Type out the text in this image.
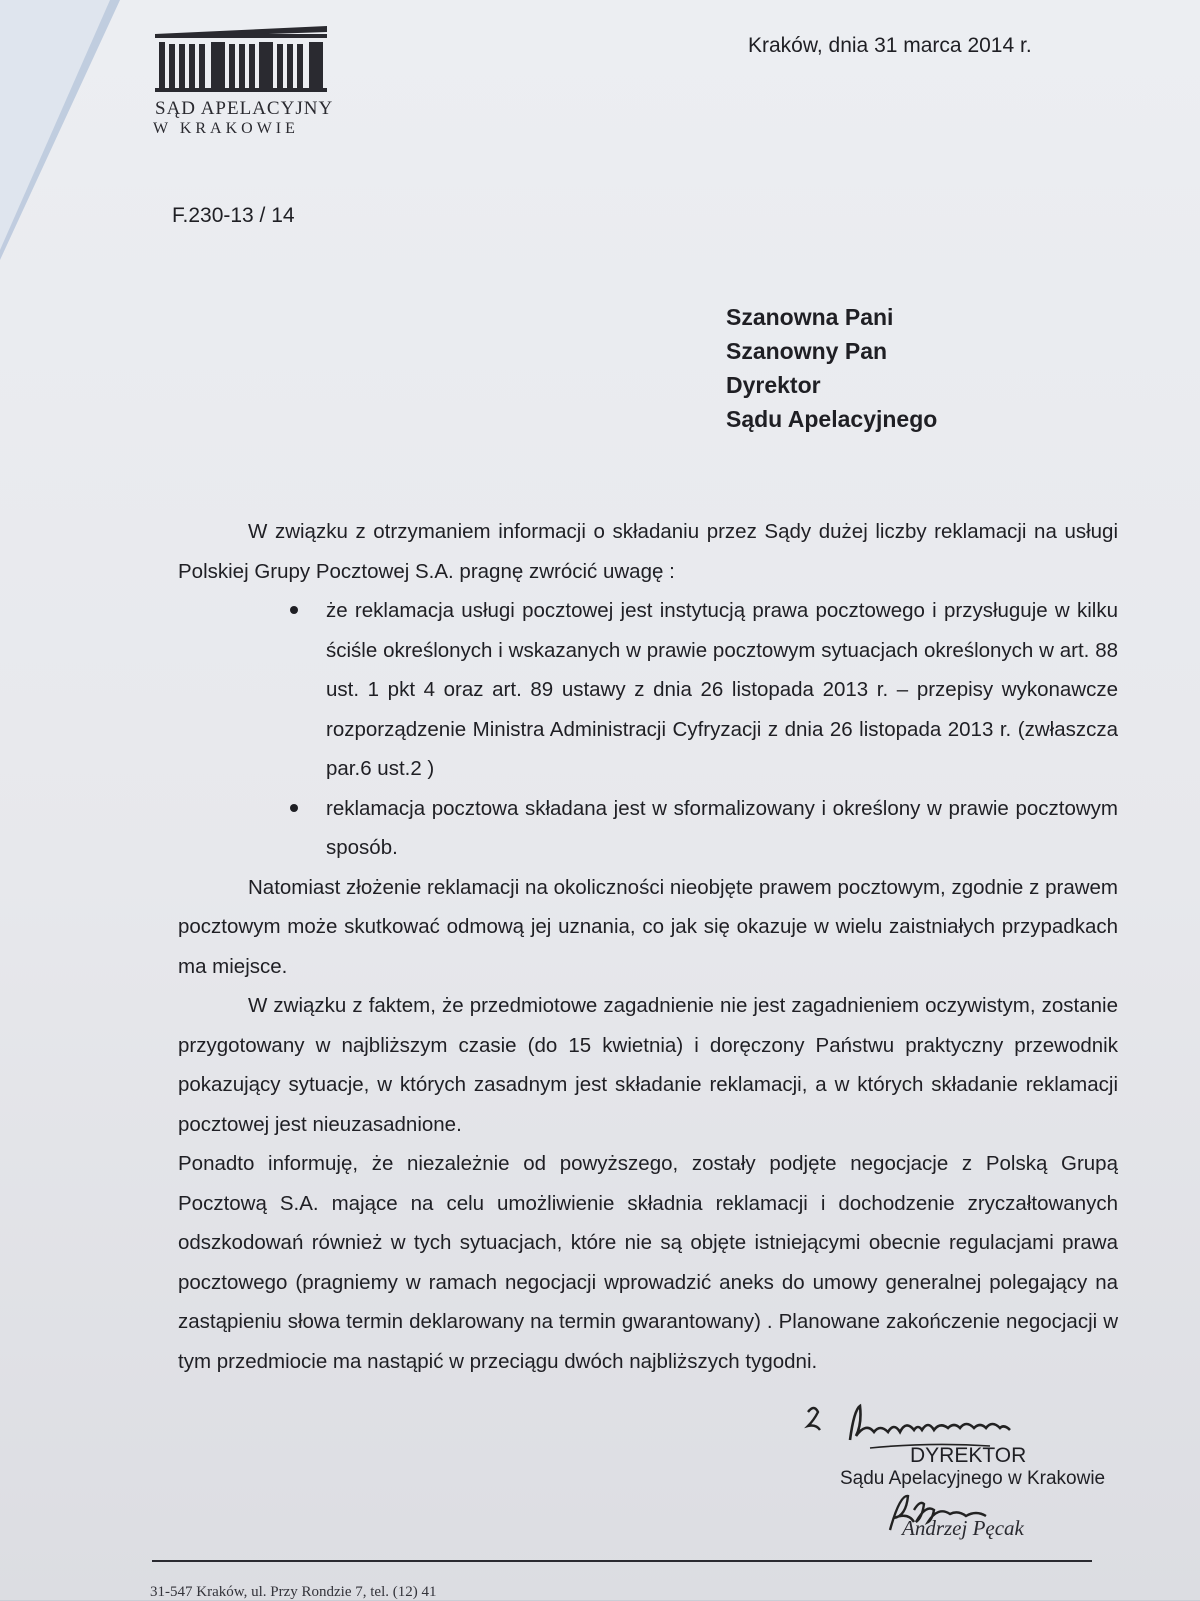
SĄD APELACYJNY
W KRAKOWIE
Kraków, dnia 31 marca 2014 r.
F.230-13 / 14
Szanowna Pani
Szanowny Pan
Dyrektor
Sądu Apelacyjnego

W związku z otrzymaniem informacji o składaniu przez Sądy dużej liczby reklamacji na usługi Polskiej Grupy Pocztowej S.A. pragnę zwrócić uwagę :

że reklamacja usługi pocztowej jest instytucją prawa pocztowego i przysługuje w kilku ściśle określonych i wskazanych w prawie pocztowym sytuacjach określonych w art. 88 ust. 1 pkt 4 oraz art. 89 ustawy z dnia 26 listopada 2013 r. – przepisy wykonawcze rozporządzenie Ministra Administracji Cyfryzacji z dnia 26 listopada 2013 r. (zwłaszcza par.6 ust.2 )
reklamacja pocztowa składana jest w sformalizowany i określony w prawie pocztowym sposób.

Natomiast złożenie reklamacji na okoliczności nieobjęte prawem pocztowym, zgodnie z prawem pocztowym może skutkować odmową jej uznania, co jak się okazuje w wielu zaistniałych przypadkach ma miejsce.

W związku z faktem, że przedmiotowe zagadnienie nie jest zagadnieniem oczywistym, zostanie przygotowany w najbliższym czasie (do 15 kwietnia) i doręczony Państwu praktyczny przewodnik pokazujący sytuacje, w których zasadnym jest składanie reklamacji, a w których składanie reklamacji pocztowej jest nieuzasadnione.

Ponadto informuję, że niezależnie od powyższego, zostały podjęte negocjacje z Polską Grupą Pocztową S.A. mające na celu umożliwienie składnia reklamacji i dochodzenie zryczałtowanych odszkodowań również w tych sytuacjach, które nie są objęte istniejącymi obecnie regulacjami prawa pocztowego (pragniemy w ramach negocjacji wprowadzić aneks do umowy generalnej polegający na zastąpieniu słowa termin deklarowany na termin gwarantowany) . Planowane zakończenie negocjacji w tym przedmiocie ma nastąpić w przeciągu dwóch najbliższych tygodni.

DYREKTOR
Sądu Apelacyjnego w Krakowie
Andrzej Pęcak
31-547 Kraków, ul. Przy Rondzie 7, tel. (12) 41
